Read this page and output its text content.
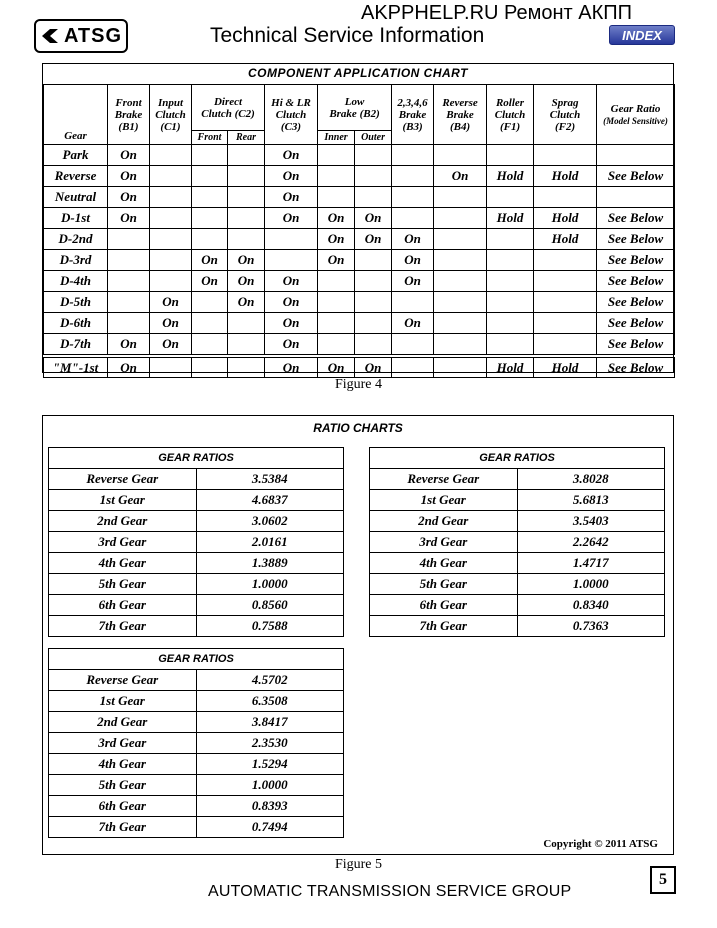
ATSG
AKPPHELP.RU Ремонт АКПП
Technical Service Information	INDEX
COMPONENT APPLICATION CHART
Gear	Front
Brake
(B1)	Input
Clutch
(C1)	Direct
Clutch (C2)		Hi & LR
Clutch
(C3)	Low
Brake (B2)		2,3,4,6
Brake
(B3)	Reverse
Brake
(B4)	Roller
Clutch
(F1)	Sprag
Clutch
(F2)	Gear Ratio
(Model Sensitive)
			Front	Rear		Inner	Outer					
Park	On				On							
Reverse	On				On				On	Hold	Hold	See Below
Neutral	On				On							
D-1st	On				On	On	On			Hold	Hold	See Below
D-2nd						On	On	On			Hold	See Below
D-3rd			On	On		On		On				See Below
D-4th			On	On	On			On				See Below
D-5th		On		On	On							See Below
D-6th		On			On			On				See Below
D-7th	On	On			On							See Below
"M"-1st	On				On	On	On			Hold	Hold	See Below
Figure 4
RATIO CHARTS
GEAR RATIOS	
Reverse Gear	3.5384
1st Gear	4.6837
2nd Gear	3.0602
3rd Gear	2.0161
4th Gear	1.3889
5th Gear	1.0000
6th Gear	0.8560
7th Gear	0.7588
GEAR RATIOS	
Reverse Gear	3.8028
1st Gear	5.6813
2nd Gear	3.5403
3rd Gear	2.2642
4th Gear	1.4717
5th Gear	1.0000
6th Gear	0.8340
7th Gear	0.7363
GEAR RATIOS	
Reverse Gear	4.5702
1st Gear	6.3508
2nd Gear	3.8417
3rd Gear	2.3530
4th Gear	1.5294
5th Gear	1.0000
6th Gear	0.8393
7th Gear	0.7494
Copyright © 2011 ATSG
Figure 5
AUTOMATIC TRANSMISSION SERVICE GROUP
5
